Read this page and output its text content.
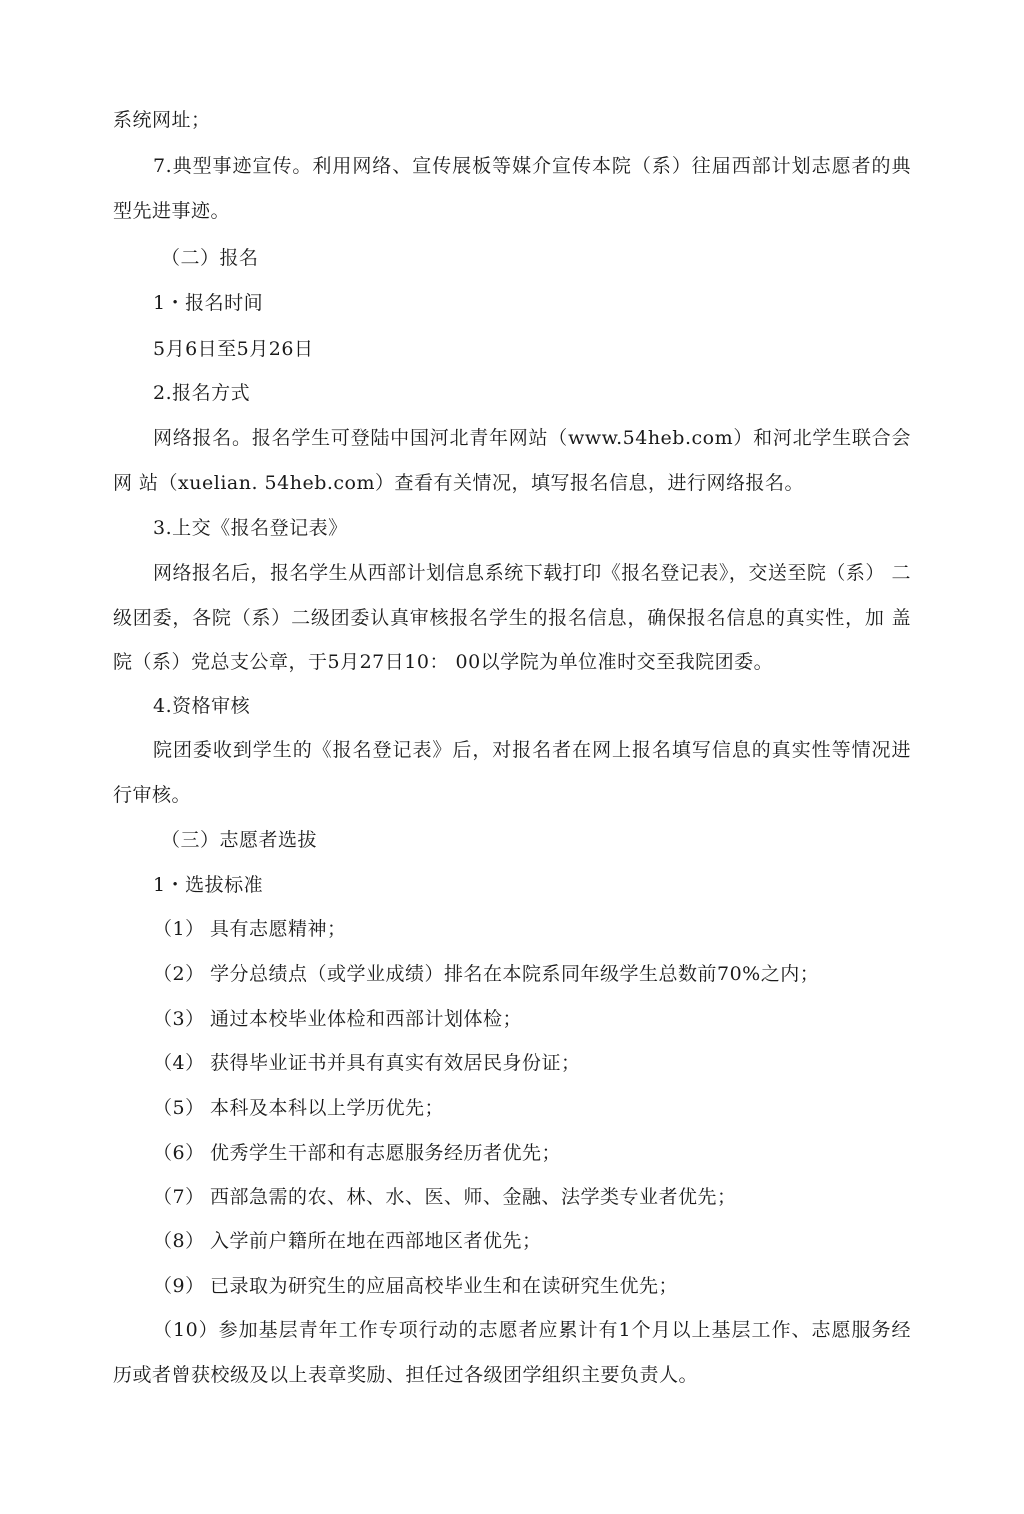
系统网址；
7.典型事迹宣传。利用网络、宣传展板等媒介宣传本院（系）往届西部计划志愿者的典 型先进事迹。
（二）报名
1・报名时间
5月6日至5月26日
2.报名方式
网络报名。报名学生可登陆中国河北青年网站（www.54heb.com）和河北学生联合会网 站（xuelian. 54heb.com）查看有关情况，填写报名信息，进行网络报名。
3.上交《报名登记表》
网络报名后，报名学生从西部计划信息系统下载打印《报名登记表》，交送至院（系） 二级团委，各院（系）二级团委认真审核报名学生的报名信息，确保报名信息的真实性，加 盖院（系）党总支公章，于5月27日10： 00以学院为单位准时交至我院团委。
4.资格审核
院团委收到学生的《报名登记表》后，对报名者在网上报名填写信息的真实性等情况进 行审核。
（三）志愿者选拔
1・选拔标准
（1） 具有志愿精神；
（2） 学分总绩点（或学业成绩）排名在本院系同年级学生总数前70%之内；
（3） 通过本校毕业体检和西部计划体检；
（4） 获得毕业证书并具有真实有效居民身份证；
（5） 本科及本科以上学历优先；
（6） 优秀学生干部和有志愿服务经历者优先；
（7） 西部急需的农、林、水、医、师、金融、法学类专业者优先；
（8） 入学前户籍所在地在西部地区者优先；
（9） 已录取为研究生的应届高校毕业生和在读研究生优先；
（10）参加基层青年工作专项行动的志愿者应累计有1个月以上基层工作、志愿服务经 历或者曾获校级及以上表章奖励、担任过各级团学组织主要负责人。
